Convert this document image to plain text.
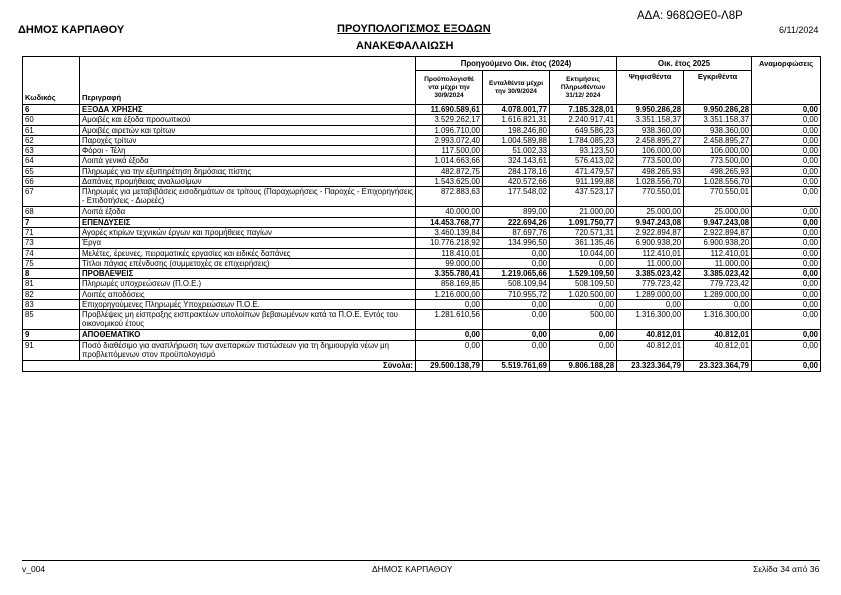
ΑΔΑ: 968ΩΘΕ0-Λ8Ρ
6/11/2024
ΔΗΜΟΣ ΚΑΡΠΑΘΟΥ	ΠΡΟΥΠΟΛΟΓΙΣΜΟΣ ΕΞΟΔΩΝ
ΑΝΑΚΕΦΑΛΑΙΩΣΗ
Κωδικός	Περιγραφή	Προηγούμενο Οικ. έτος (2024)			Οικ. έτος 2025		Αναμορφώσεις
		Προϋπολογισθέ ντα μέχρι την 30/9/2024	Ενταλθέντα μέχρι την 30/9/2024	Εκτιμήσεις Πληρωθέντων 31/12/ 2024	Ψηφισθέντα	Εγκριθέντα	
6	ΕΞΟΔΑ ΧΡΗΣΗΣ	11.690.589,61	4.078.001,77	7.185.328,01	9.950.286,28	9.950.286,28	0,00
60	Αμοιβές και έξοδα προσωπικού	3.529.262,17	1.616.821,31	2.240.917,41	3.351.158,37	3.351.158,37	0,00
61	Αμοιβές αιρετών και τρίτων	1.096.710,00	198.246,80	649.586,23	938.360,00	938.360,00	0,00
62	Παροχές τρίτων	2.993.072,40	1.004.589,88	1.784.085,23	2.458.895,27	2.458.895,27	0,00
63	Φόροι - Τέλη	117.500,00	51.002,33	93.123,50	106.000,00	106.000,00	0,00
64	Λοιπά γενικά έξοδα	1.014.663,66	324.143,61	576.413,02	773.500,00	773.500,00	0,00
65	Πληρωμές για την εξυπηρέτηση δημόσιας πίστης	482.872,75	284.178,16	471.479,57	498.265,93	498.265,93	0,00
66	Δαπάνες προμήθειας αναλωσίμων	1.543.625,00	420.572,66	911.199,88	1.028.556,70	1.028.556,70	0,00
67	Πληρωμές για μεταβιβάσεις εισοδημάτων σε τρίτους (Παραχωρήσεις - Παροχές - Επιχορηγήσεις - Επιδοτήσεις - Δωρεές)	872.883,63	177.548,02	437.523,17	770.550,01	770.550,01	0,00
68	Λοιπά έξοδα	40.000,00	899,00	21.000,00	25.000,00	25.000,00	0,00
7	ΕΠΕΝΔΥΣΕΙΣ	14.453.768,77	222.694,26	1.091.750,77	9.947.243,08	9.947.243,08	0,00
71	Αγορές κτιρίων τεχνικών έργων και προμήθειες παγίων	3.460.139,84	87.697,76	720.571,31	2.922.894,87	2.922.894,87	0,00
73	Έργα	10.776.218,92	134.996,50	361.135,46	6.900.938,20	6.900.938,20	0,00
74	Μελέτες, έρευνες, πειραματικές εργασίες και ειδικές δαπάνες	118.410,01	0,00	10.044,00	112.410,01	112.410,01	0,00
75	Τίτλοι πάγιας επένδυσης (συμμετοχές σε επιχειρήσεις)	99.000,00	0,00	0,00	11.000,00	11.000,00	0,00
8	ΠΡΟΒΛΕΨΕΙΣ	3.355.780,41	1.219.065,66	1.529.109,50	3.385.023,42	3.385.023,42	0,00
81	Πληρωμές υποχρεώσεων (Π.Ο.Ε.)	858.169,85	508.109,94	508.109,50	779.723,42	779.723,42	0,00
82	Λοιπές αποδόσεις	1.216.000,00	710.955,72	1.020.500,00	1.289.000,00	1.289.000,00	0,00
83	Επιχορηγούμενες Πληρωμές Υποχρεώσεων Π.Ο.Ε.	0,00	0,00	0,00	0,00	0,00	0,00
85	Προβλέψεις μη είσπραξης εισπρακτέων υπολοίπων βεβαιωμένων κατά τα Π.Ο.Ε. Εντός του οικονομικού έτους	1.281.610,56	0,00	500,00	1.316.300,00	1.316.300,00	0,00
9	ΑΠΟΘΕΜΑΤΙΚΟ	0,00	0,00	0,00	40.812,01	40.812,01	0,00
91	Ποσό διαθέσιμο για αναπλήρωση των ανεπαρκών πιστώσεων για τη δημιουργία νέων μη προβλεπόμενων στον προϋπολογισμό	0,00	0,00	0,00	40.812,01	40.812,01	0,00
Σύνολα:		29.500.138,79	5.519.761,69	9.806.188,28	23.323.364,79	23.323.364,79	0,00
v_004	ΔΗΜΟΣ ΚΑΡΠΑΘΟΥ	Σελίδα 34 από 36
